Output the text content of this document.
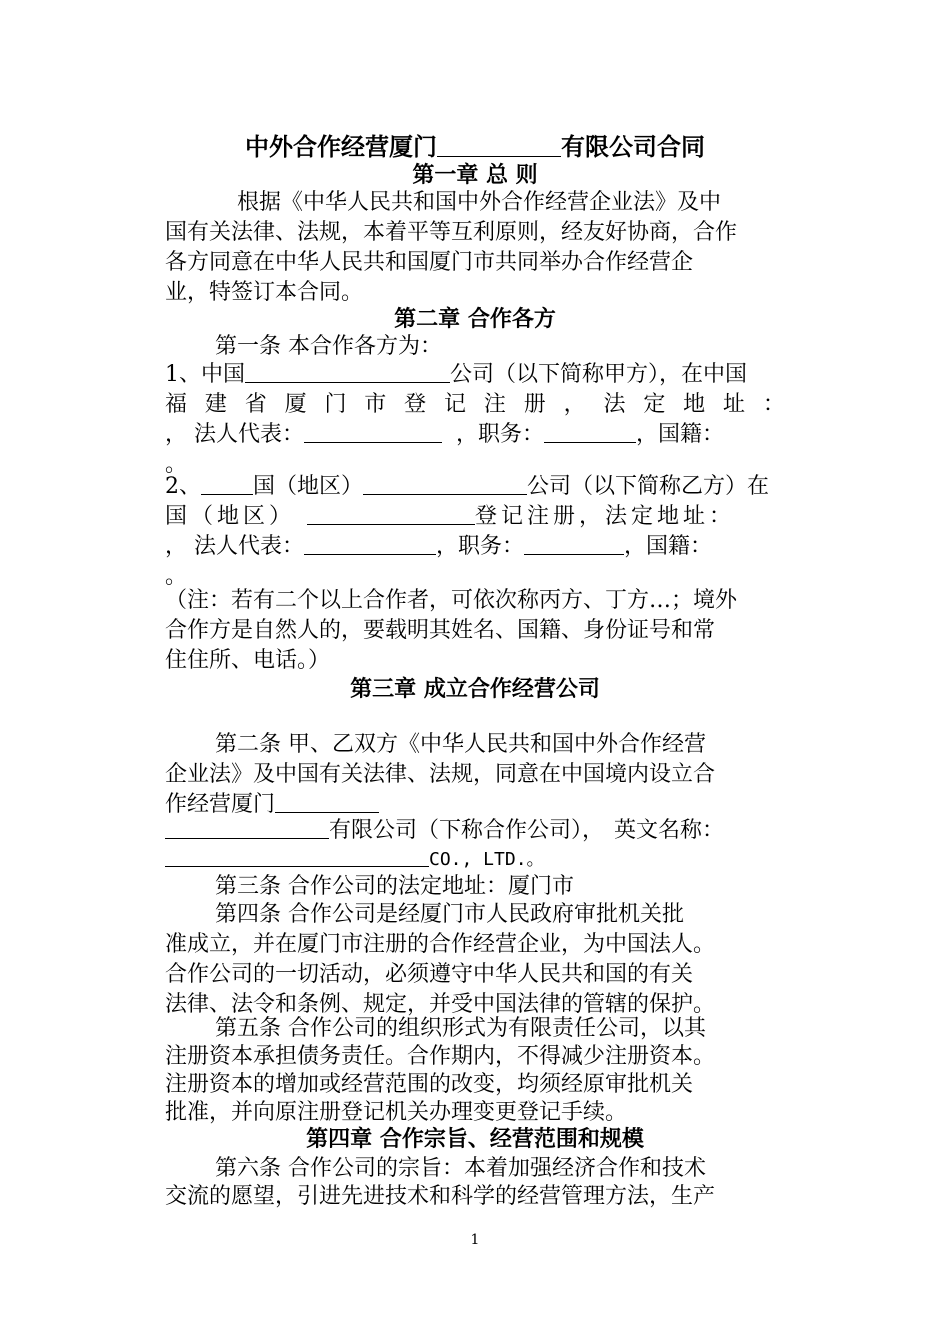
中外合作经营厦门	有限公司合同
第一章 总 则
根据《中华人民共和国中外合作经营企业法》及中
国有关法律、法规，本着平等互利原则，经友好协商，合作
各方同意在中华人民共和国厦门市共同举办合作经营企
业，特签订本合同。
第二章 合作各方
第一条 本合作各方为：
1、中国	公司（以下简称甲方），在中国
福 建 省 厦 门 市 登 记 注 册 ， 法 定 地 址 ：
， 法人代表：	，职务：	，国籍：
。
2、 国（地区）	公司（以下简称乙方）在
国（地区）	登记注册，法定地址：
， 法人代表：	，职务：	，国籍：
。
（注：若有二个以上合作者，可依次称丙方、丁方…；境外
合作方是自然人的，要载明其姓名、国籍、身份证号和常
住住所、电话。）
第三章 成立合作经营公司
第二条 甲、乙双方《中华人民共和国中外合作经营
企业法》及中国有关法律、法规，同意在中国境内设立合
作经营厦门
有限公司（下称合作公司）， 英文名称：
CO., LTD.。
第三条 合作公司的法定地址：厦门市
第四条 合作公司是经厦门市人民政府审批机关批
准成立，并在厦门市注册的合作经营企业，为中国法人。
合作公司的一切活动，必须遵守中华人民共和国的有关
法律、法令和条例、规定，并受中国法律的管辖的保护。
第五条 合作公司的组织形式为有限责任公司，以其
注册资本承担债务责任。合作期内，不得减少注册资本。
注册资本的增加或经营范围的改变，均须经原审批机关
批准，并向原注册登记机关办理变更登记手续。
第四章 合作宗旨、经营范围和规模
第六条 合作公司的宗旨：本着加强经济合作和技术
交流的愿望，引进先进技术和科学的经营管理方法，生产
1
